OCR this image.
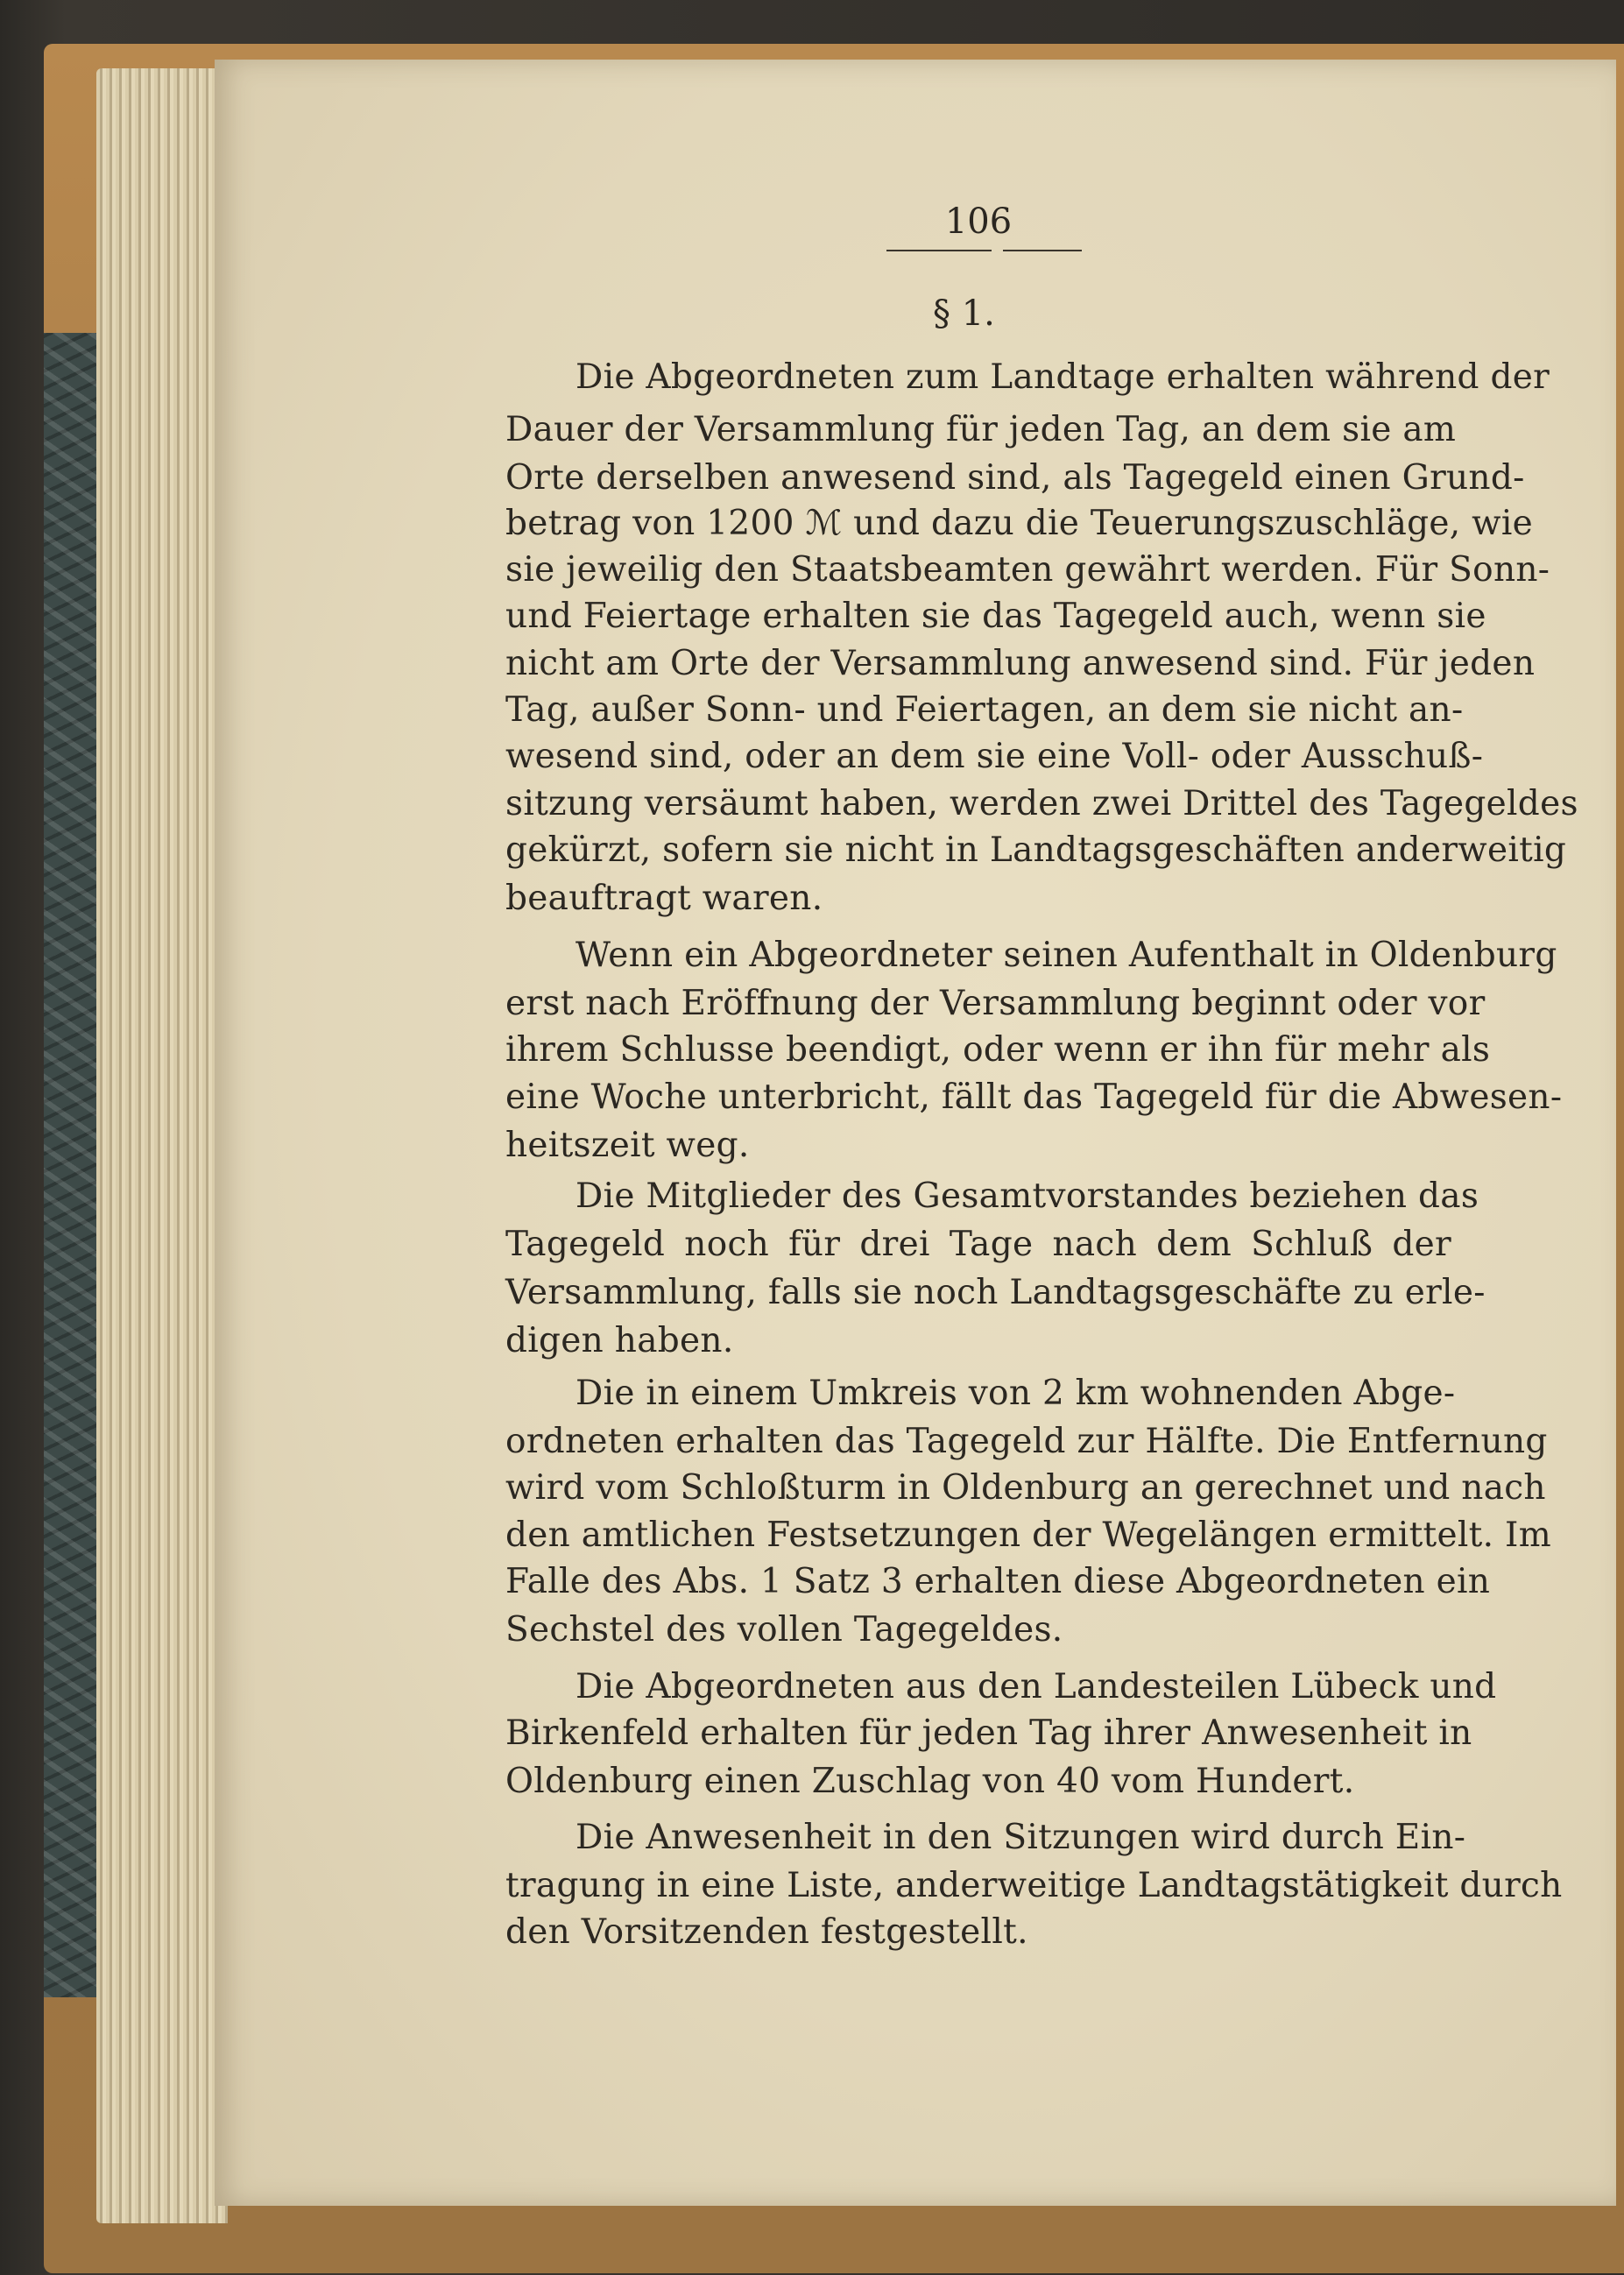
106
§ 1.
Die Abgeordneten zum Landtage erhalten während der
Dauer der Versammlung für jeden Tag, an dem sie am
Orte derselben anwesend sind, als Tagegeld einen Grund-
betrag von 1200 ℳ und dazu die Teuerungszuschläge, wie
sie jeweilig den Staatsbeamten gewährt werden. Für Sonn-
und Feiertage erhalten sie das Tagegeld auch, wenn sie
nicht am Orte der Versammlung anwesend sind. Für jeden
Tag, außer Sonn- und Feiertagen, an dem sie nicht an-
wesend sind, oder an dem sie eine Voll- oder Ausschuß-
sitzung versäumt haben, werden zwei Drittel des Tagegeldes
gekürzt, sofern sie nicht in Landtagsgeschäften anderweitig
beauftragt waren.
Wenn ein Abgeordneter seinen Aufenthalt in Oldenburg
erst nach Eröffnung der Versammlung beginnt oder vor
ihrem Schlusse beendigt, oder wenn er ihn für mehr als
eine Woche unterbricht, fällt das Tagegeld für die Abwesen-
heitszeit weg.
Die Mitglieder des Gesamtvorstandes beziehen das
Tagegeld noch für drei Tage nach dem Schluß der
Versammlung, falls sie noch Landtagsgeschäfte zu erle-
digen haben.
Die in einem Umkreis von 2 km wohnenden Abge-
ordneten erhalten das Tagegeld zur Hälfte. Die Entfernung
wird vom Schloßturm in Oldenburg an gerechnet und nach
den amtlichen Festsetzungen der Wegelängen ermittelt. Im
Falle des Abs. 1 Satz 3 erhalten diese Abgeordneten ein
Sechstel des vollen Tagegeldes.
Die Abgeordneten aus den Landesteilen Lübeck und
Birkenfeld erhalten für jeden Tag ihrer Anwesenheit in
Oldenburg einen Zuschlag von 40 vom Hundert.
Die Anwesenheit in den Sitzungen wird durch Ein-
tragung in eine Liste, anderweitige Landtagstätigkeit durch
den Vorsitzenden festgestellt.
